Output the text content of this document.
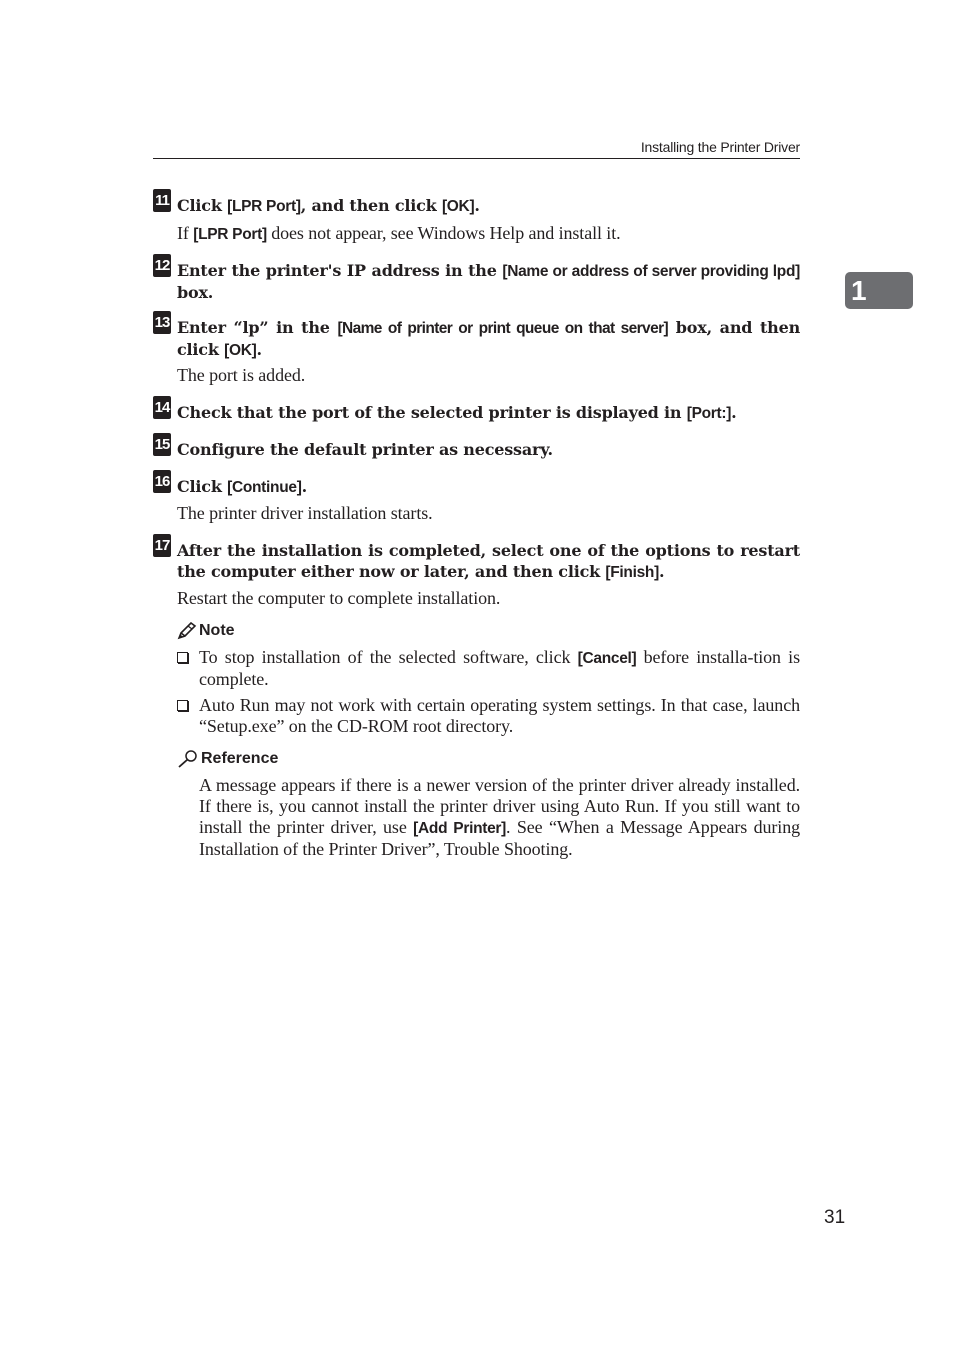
Installing the Printer Driver
1
11 Click [LPR Port], and then click [OK].
If [LPR Port] does not appear, see Windows Help and install it.
12 Enter the printer's IP address in the [Name or address of server providing lpd] box.
13 Enter “lp” in the [Name of printer or print queue on that server] box, and then click [OK].
The port is added.
14 Check that the port of the selected printer is displayed in [Port:].
15 Configure the default printer as necessary.
16 Click [Continue].
The printer driver installation starts.
17 After the installation is completed, select one of the options to restart the computer either now or later, and then click [Finish].
Restart the computer to complete installation.
Note
To stop installation of the selected software, click [Cancel] before installa-tion is complete.
Auto Run may not work with certain operating system settings. In that case, launch “Setup.exe” on the CD-ROM root directory.
Reference
A message appears if there is a newer version of the printer driver already installed. If there is, you cannot install the printer driver using Auto Run. If you still want to install the printer driver, use [Add Printer]. See “When a Message Appears during Installation of the Printer Driver”, Trouble Shooting.
31
